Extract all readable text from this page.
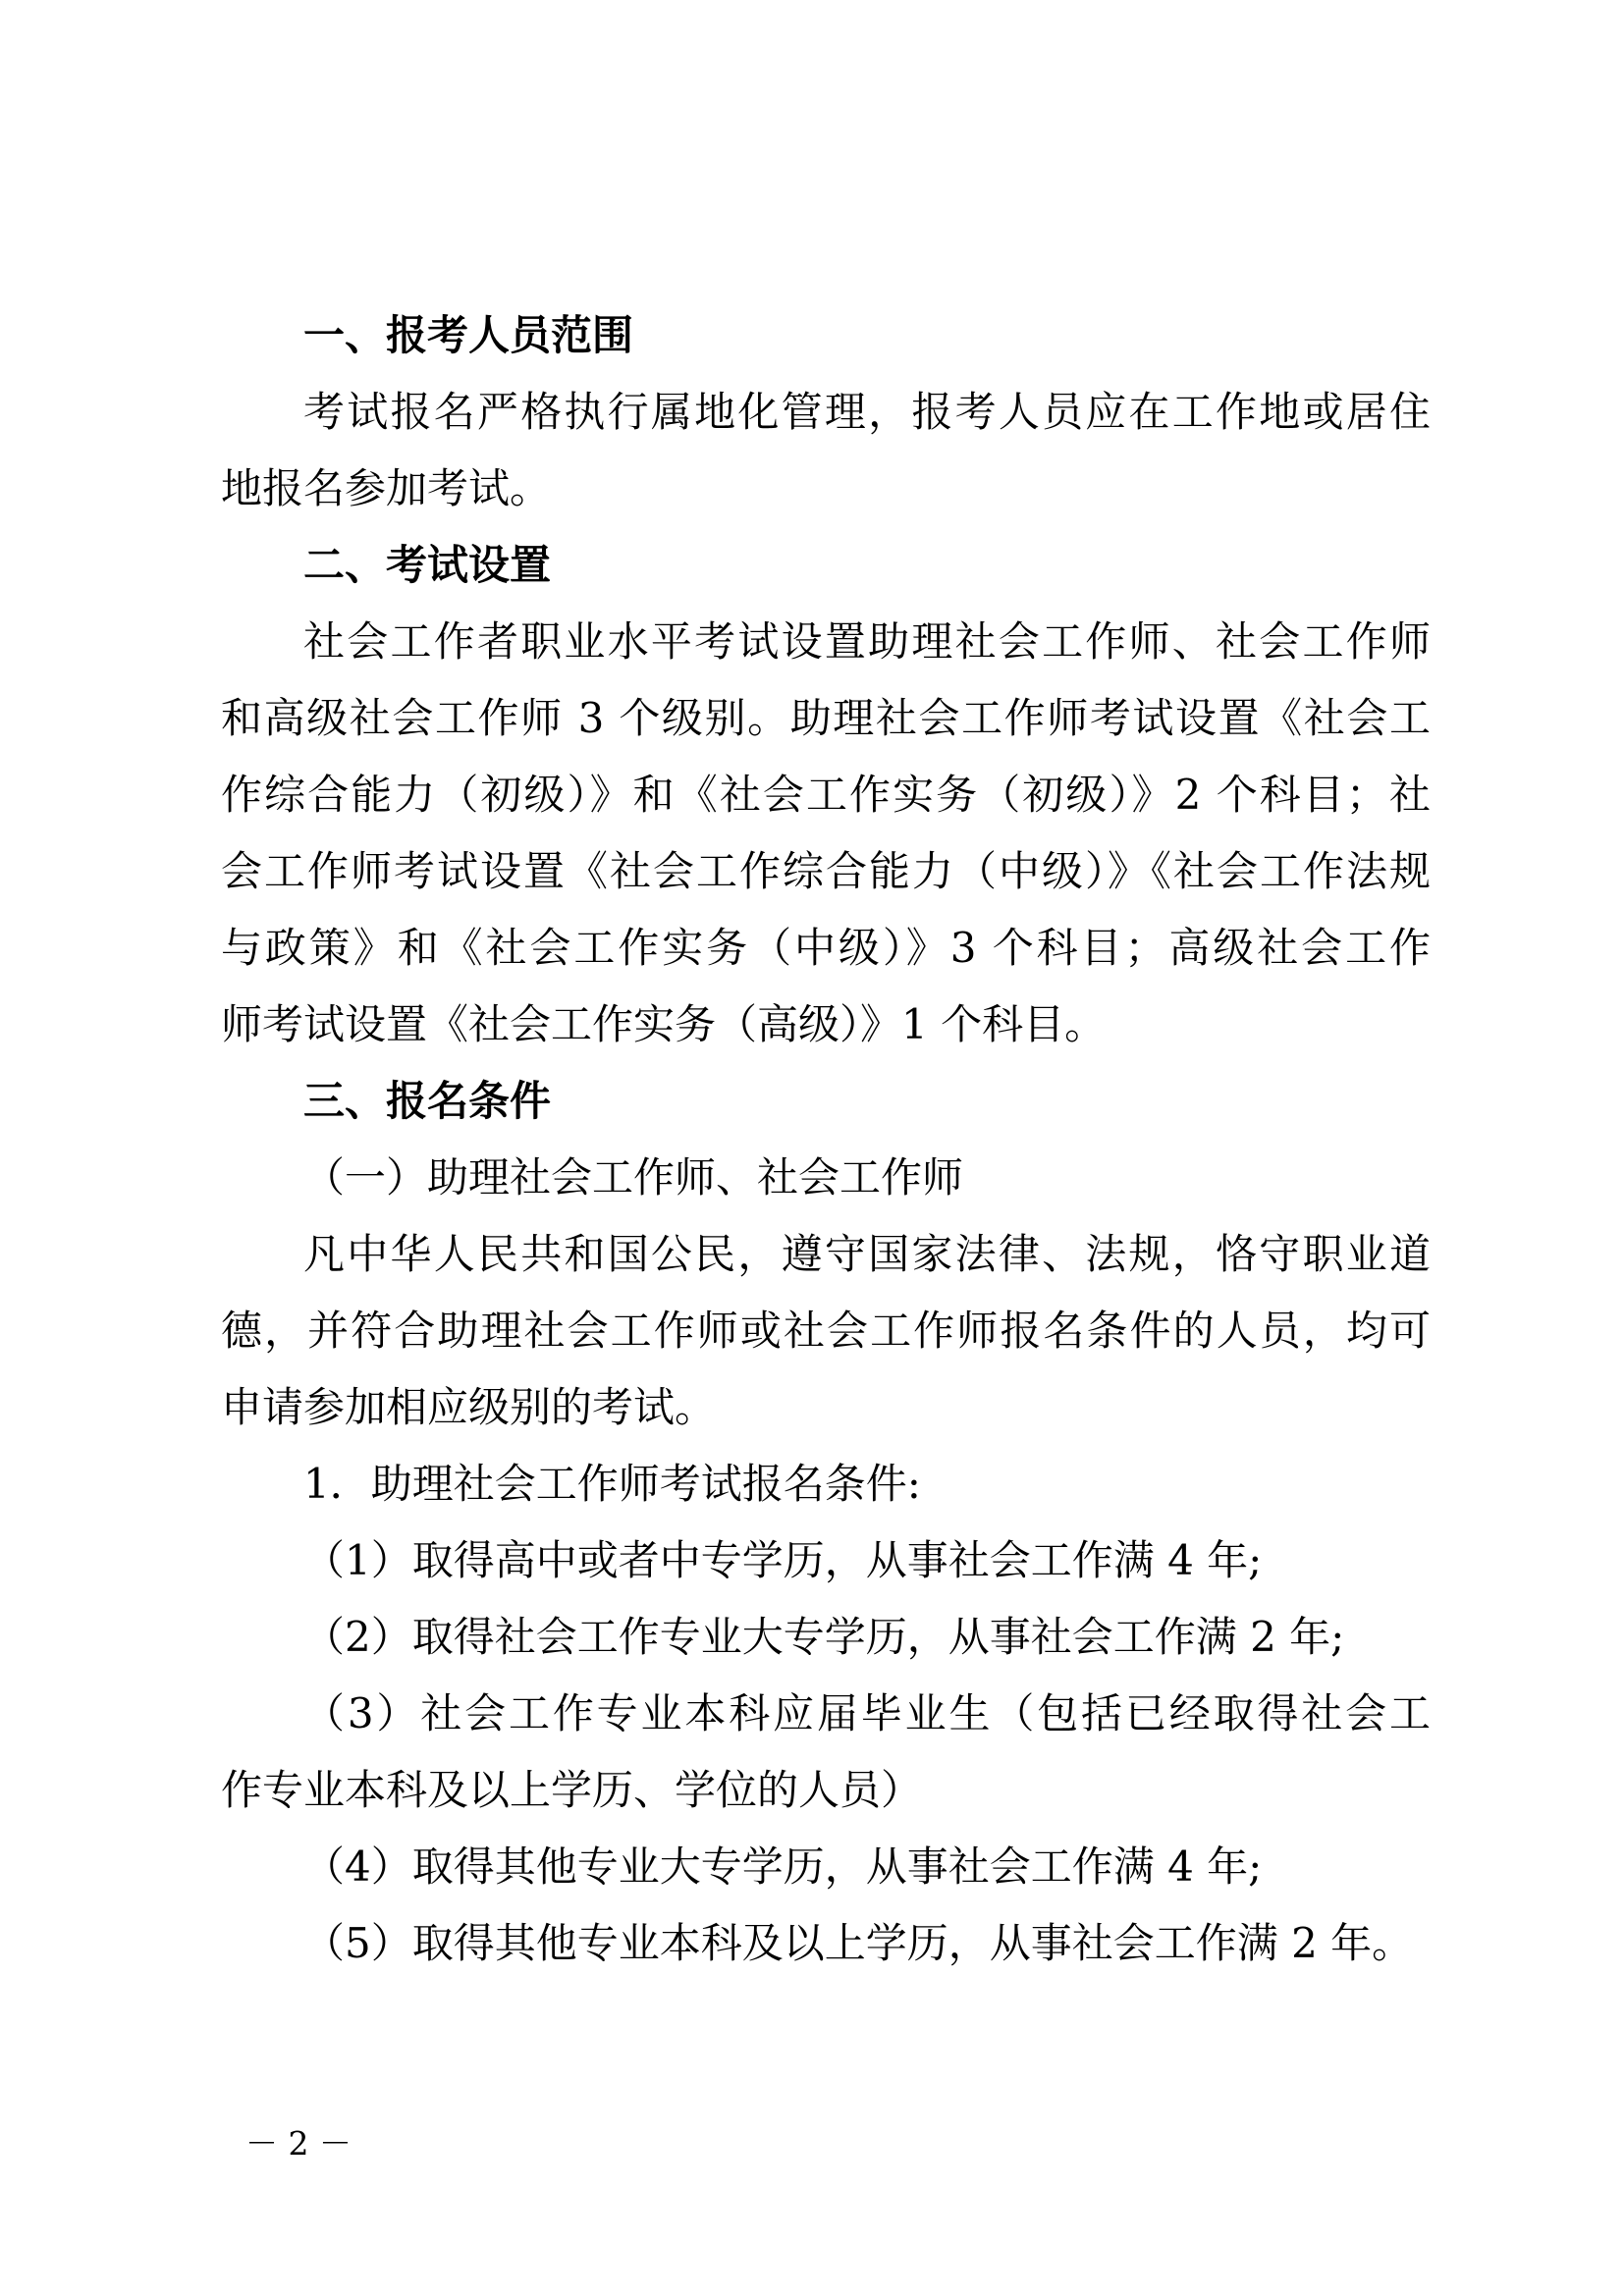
一、报考人员范围
考试报名严格执行属地化管理，报考人员应在工作地或居住
地报名参加考试。
二、考试设置
社会工作者职业水平考试设置助理社会工作师、社会工作师
和高级社会工作师 3 个级别。助理社会工作师考试设置《社会工
作综合能力（初级）》和《社会工作实务（初级）》2 个科目；社
会工作师考试设置《社会工作综合能力（中级）》《社会工作法规
与政策》和《社会工作实务（中级）》3 个科目；高级社会工作
师考试设置《社会工作实务（高级）》1 个科目。
三、报名条件
（一）助理社会工作师、社会工作师
凡中华人民共和国公民，遵守国家法律、法规，恪守职业道
德，并符合助理社会工作师或社会工作师报名条件的人员，均可
申请参加相应级别的考试。
1．助理社会工作师考试报名条件:
（1）取得高中或者中专学历，从事社会工作满 4 年;
（2）取得社会工作专业大专学历，从事社会工作满 2 年;
（3）社会工作专业本科应届毕业生（包括已经取得社会工
作专业本科及以上学历、学位的人员）
（4）取得其他专业大专学历，从事社会工作满 4 年;
（5）取得其他专业本科及以上学历，从事社会工作满 2 年。
－ 2 －
